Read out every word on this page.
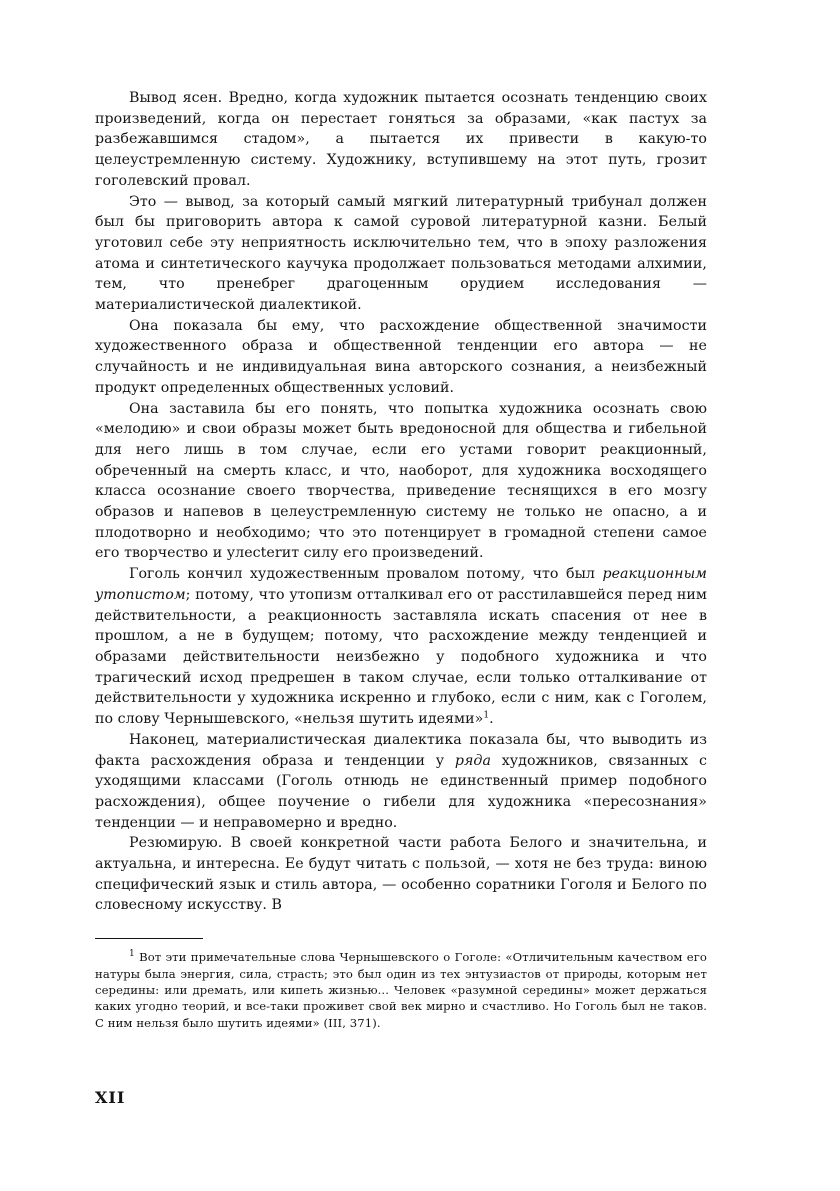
Вывод ясен. Вредно, когда художник пытается осознать тенденцию своих произведений, когда он перестает гоняться за образами, «как пастух за разбежавшимся стадом», а пытается их привести в какую-то целеустремленную систему. Художнику, вступившему на этот путь, грозит гоголевский провал.

Это — вывод, за который самый мягкий литературный трибунал должен был бы приговорить автора к самой суровой литературной казни. Белый уготовил себе эту неприятность исключительно тем, что в эпоху разложения атома и синтетического каучука продолжает пользоваться методами алхимии, тем, что пренебрег драгоценным орудием исследования — материалистической диалектикой.

Она показала бы ему, что расхождение общественной значимости художественного образа и общественной тенденции его автора — не случайность и не индивидуальная вина авторского сознания, а неизбежный продукт определенных общественных условий.

Она заставила бы его понять, что попытка художника осознать свою «мелодию» и свои образы может быть вредоносной для общества и гибельной для него лишь в том случае, если его устами говорит реакционный, обреченный на смерть класс, и что, наоборот, для художника восходящего класса осознание своего творчества, приведение теснящихся в его мозгу образов и напевов в целеустремленную систему не только не опасно, а и плодотворно и необходимо; что это потенцирует в громадной степени самое его творчество и улесterит силу его произведений.

Гоголь кончил художественным провалом потому, что был реакционным утопистом; потому, что утопизм отталкивал его от расстилавшейся перед ним действительности, а реакционность заставляла искать спасения от нее в прошлом, а не в будущем; потому, что расхождение между тенденцией и образами действительности неизбежно у подобного художника и что трагический исход предрешен в таком случае, если только отталкивание от действительности у художника искренно и глубоко, если с ним, как с Гоголем, по слову Чернышевского, «нельзя шутить идеями»$^1$.

Наконец, материалистическая диалектика показала бы, что выводить из факта расхождения образа и тенденции у ряда художников, связанных с уходящими классами (Гоголь отнюдь не единственный пример подобного расхождения), общее поучение о гибели для художника «пересознания» тенденции — и неправомерно и вредно.

Резюмирую. В своей конкретной части работа Белого и значительна, и актуальна, и интересна. Ее будут читать с пользой, — хотя не без труда: виною специфический язык и стиль автора, — особенно соратники Гоголя и Белого по словесному искусству. В

$^1$ Вот эти примечательные слова Чернышевского о Гоголе: «Отличительным качеством его натуры была энергия, сила, страсть; это был один из тех энтузиастов от природы, которым нет середины: или дремать, или кипеть жизнью... Человек «разумной середины» может держаться каких угодно теорий, и все-таки проживет свой век мирно и счастливо. Но Гоголь был не таков. С ним нельзя было шутить идеями» (III, 371).

XII
